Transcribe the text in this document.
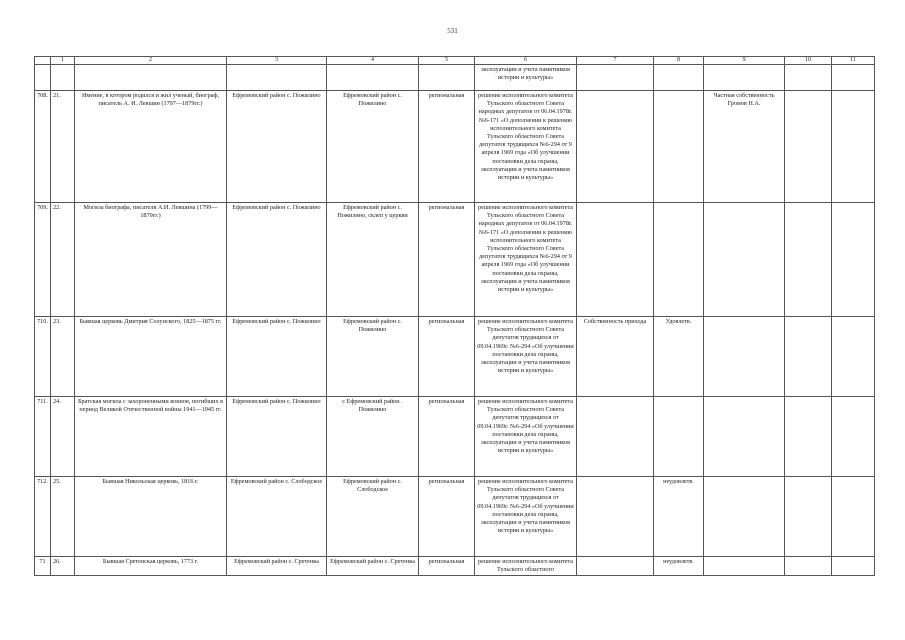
531
	1	2	3	4	5	6	7	8	9	10	11
						эксплуатации и учета памятников истории и культуры»					
708.	21.	Имение, в котором родился и жил ученый, биограф, писатель А. И. Левшин (1797—1879гг.)	Ефремовский район с. Пожилино	Ефремовский район с. Пожилино	региональная	решение исполнительного комитета Тульского областного Совета народных депутатов от 06.04.1978г. №6-171 «О дополнении к решению исполнительного комитета Тульского областного Совета депутатов трудящихся №6-294 от 9 апреля 1969 года «Об улучшении постановки дела охраны, эксплуатации и учета памятников истории и культуры»			Частная собственность Громов Н.А.		
709.	22.	Могила биографа, писателя А.И. Левшина (1799—1879гг.)	Ефремовский район с. Пожилино	Ефремовский район с. Пожилино, склеп у церкви	региональная	решение исполнительного комитета Тульского областного Совета народных депутатов от 06.04.1978г. №6-171 «О дополнении к решению исполнительного комитета Тульского областного Совета депутатов трудящихся №6-294 от 9 апреля 1969 года «Об улучшении постановки дела охраны, эксплуатации и учета памятников истории и культуры»					
710.	23.	Бывшая церковь Дмитрия Солунского, 1825—1875 гг.	Ефремовский район с. Пожилино	Ефремовский район с. Пожилино	региональная	решение исполнительного комитета Тульского областного Совета депутатов трудящихся от 09.04.1969г. №6-294 «Об улучшении постановки дела охраны, эксплуатации и учета памятников истории и культуры»	Собственность прихода	Удовлетв.			
711.	24.	Братская могила с захороненными воинов, погибших в период Великой Отечественной войны 1941—1945 гг.	Ефремовский район с. Пожилино	с Ефремовский район . Пожилино	региональная	решение исполнительного комитета Тульского областного Совета депутатов трудящихся от 09.04.1969г. №6-294 «Об улучшении постановки дела охраны, эксплуатации и учета памятников истории и культуры»					
712.	25.	Бывшая Никольская церковь, 1816 г.	Ефремовский район с. Слободское	Ефремовский район с. Слободское	региональная	решение исполнительного комитета Тульского областного Совета депутатов трудящихся от 09.04.1969г. №6-294 «Об улучшении постановки дела охраны, эксплуатации и учета памятников истории и культуры»		неудовлетв.			
71	26.	Бывшая Сретенская церковь, 1773 г.	Ефремовский район с. Сретенка	Ефремовский район с. Сретенка	региональная	решение исполнительного комитета Тульского областного		неудовлетв.			
